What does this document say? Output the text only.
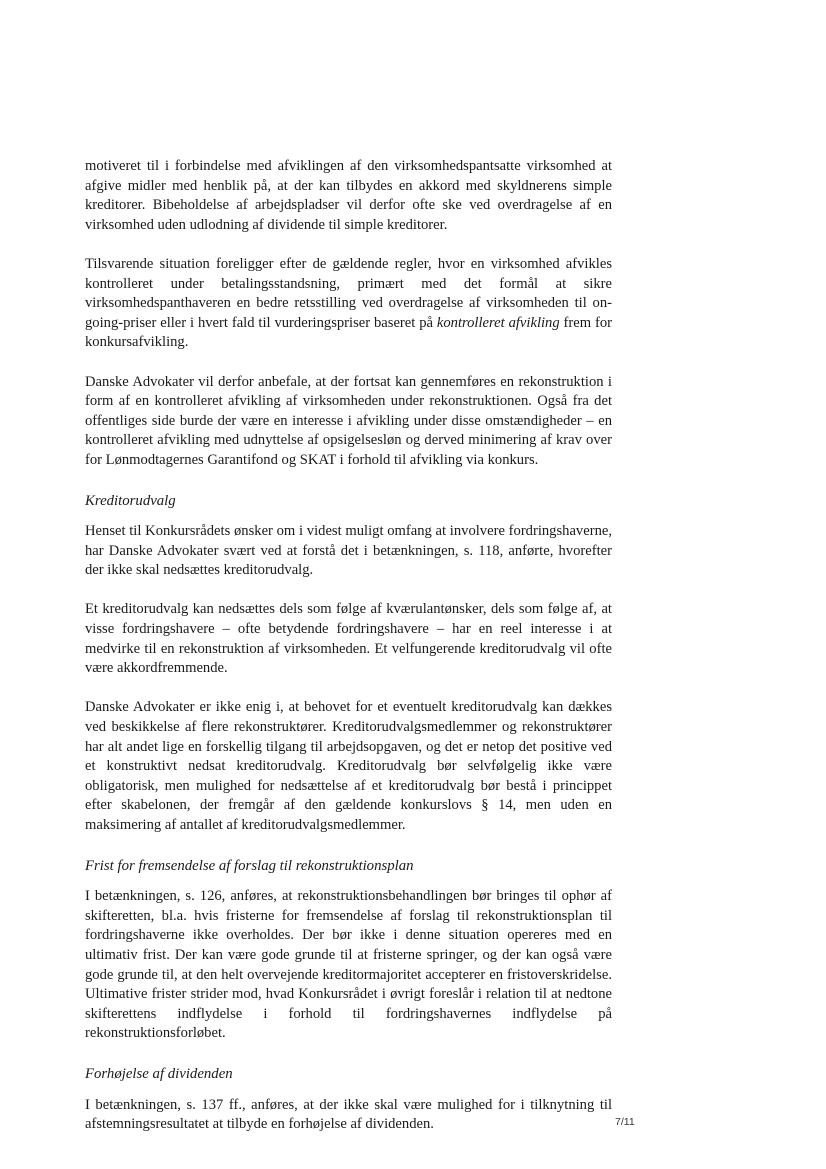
motiveret til i forbindelse med afviklingen af den virksomhedspantsatte virksomhed at afgive midler med henblik på, at der kan tilbydes en akkord med skyldnerens simple kreditorer. Bibeholdelse af arbejdspladser vil derfor ofte ske ved overdragelse af en virksomhed uden udlodning af dividende til simple kreditorer.

Tilsvarende situation foreligger efter de gældende regler, hvor en virksomhed afvikles kontrolleret under betalingsstandsning, primært med det formål at sikre virksomhedspanthaveren en bedre retsstilling ved overdragelse af virksomheden til on-going-priser eller i hvert fald til vurderingspriser baseret på kontrolleret afvikling frem for konkursafvikling.

Danske Advokater vil derfor anbefale, at der fortsat kan gennemføres en rekonstruktion i form af en kontrolleret afvikling af virksomheden under rekonstruktionen. Også fra det offentliges side burde der være en interesse i afvikling under disse omstændigheder – en kontrolleret afvikling med udnyttelse af opsigelsesløn og derved minimering af krav over for Lønmodtagernes Garantifond og SKAT i forhold til afvikling via konkurs.

Kreditorudvalg

Henset til Konkursrådets ønsker om i videst muligt omfang at involvere fordringshaverne, har Danske Advokater svært ved at forstå det i betænkningen, s. 118, anførte, hvorefter der ikke skal nedsættes kreditorudvalg.

Et kreditorudvalg kan nedsættes dels som følge af kværulantønsker, dels som følge af, at visse fordringshavere – ofte betydende fordringshavere – har en reel interesse i at medvirke til en rekonstruktion af virksomheden. Et velfungerende kreditorudvalg vil ofte være akkordfremmende.

Danske Advokater er ikke enig i, at behovet for et eventuelt kreditorudvalg kan dækkes ved beskikkelse af flere rekonstruktører. Kreditorudvalgsmedlemmer og rekonstruktører har alt andet lige en forskellig tilgang til arbejdsopgaven, og det er netop det positive ved et konstruktivt nedsat kreditorudvalg. Kreditorudvalg bør selvfølgelig ikke være obligatorisk, men mulighed for nedsættelse af et kreditorudvalg bør bestå i princippet efter skabelonen, der fremgår af den gældende konkurslovs § 14, men uden en maksimering af antallet af kreditorudvalgsmedlemmer.

Frist for fremsendelse af forslag til rekonstruktionsplan

I betænkningen, s. 126, anføres, at rekonstruktionsbehandlingen bør bringes til ophør af skifteretten, bl.a. hvis fristerne for fremsendelse af forslag til rekonstruktionsplan til fordringshaverne ikke overholdes. Der bør ikke i denne situation opereres med en ultimativ frist. Der kan være gode grunde til at fristerne springer, og der kan også være gode grunde til, at den helt overvejende kreditormajoritet accepterer en fristoverskridelse. Ultimative frister strider mod, hvad Konkursrådet i øvrigt foreslår i relation til at nedtone skifterettens indflydelse i forhold til fordringshavernes indflydelse på rekonstruktionsforløbet.

Forhøjelse af dividenden

I betænkningen, s. 137 ff., anføres, at der ikke skal være mulighed for i tilknytning til afstemningsresultatet at tilbyde en forhøjelse af dividenden.	7/11
